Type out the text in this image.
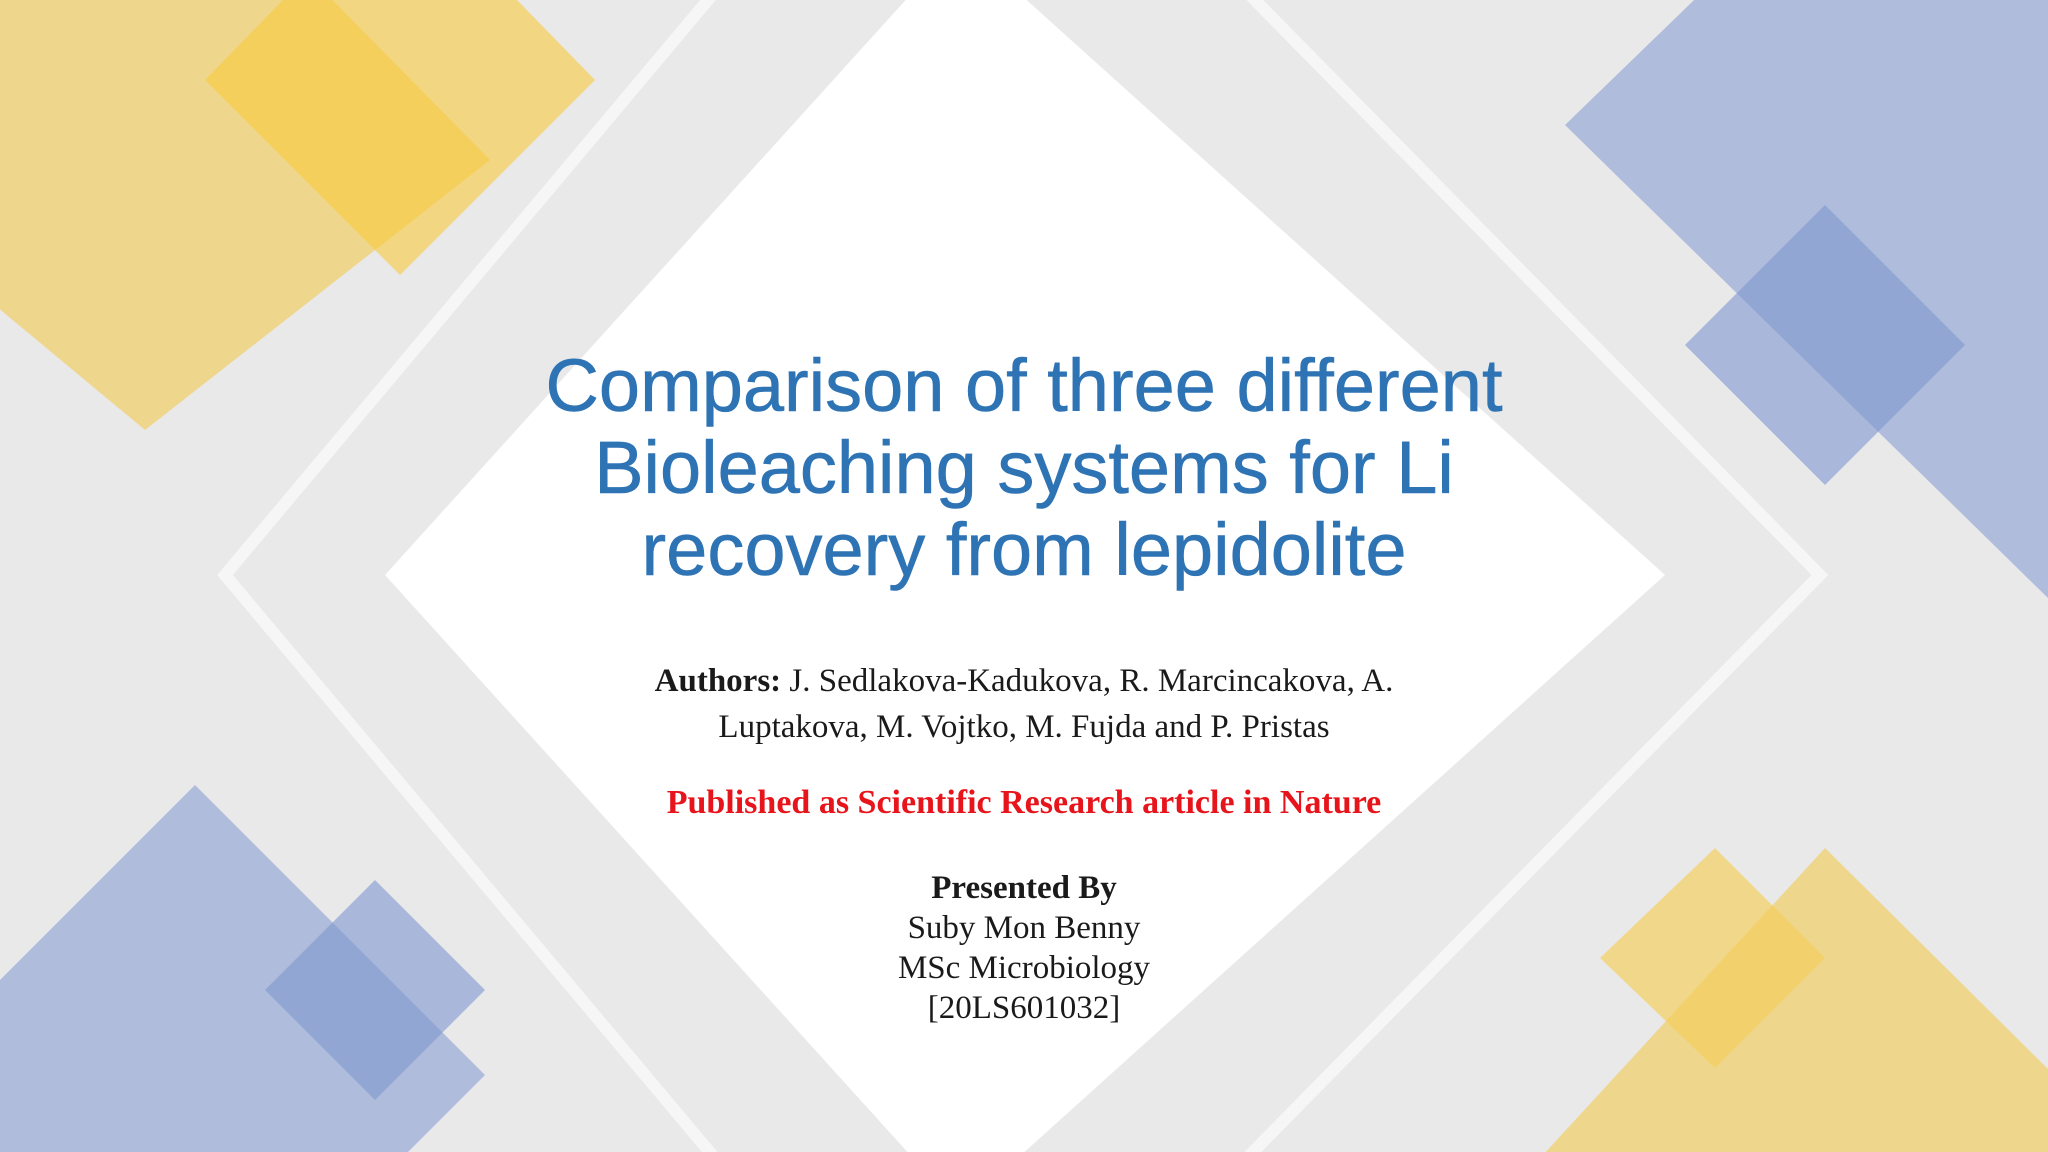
Comparison of three different
Bioleaching systems for Li
recovery from lepidolite

Authors: J. Sedlakova-Kadukova, R. Marcincakova, A.
Luptakova, M. Vojtko, M. Fujda and P. Pristas

Published as Scientific Research article in Nature

Presented By
Suby Mon Benny
MSc Microbiology
[20LS601032]
